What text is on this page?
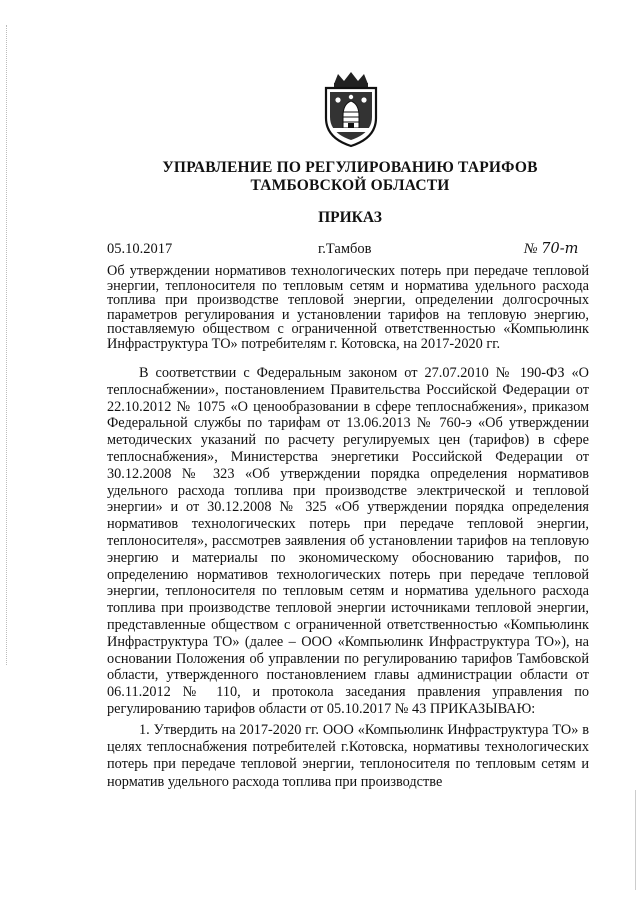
УПРАВЛЕНИЕ ПО РЕГУЛИРОВАНИЮ ТАРИФОВ

ТАМБОВСКОЙ ОБЛАСТИ

ПРИКАЗ

05.10.2017	г.Тамбов	№ 70-т

Об утверждении нормативов технологических потерь при передаче тепловой энергии, теплоносителя по тепловым сетям и норматива удельного расхода топлива при производстве тепловой энергии, определении долгосрочных параметров регулирования и установлении тарифов на тепловую энергию, поставляемую обществом с ограниченной ответственностью «Компьюлинк Инфраструктура ТО» потребителям г. Котовска, на 2017-2020 гг.

В соответствии с Федеральным законом от 27.07.2010 № 190-ФЗ «О теплоснабжении», постановлением Правительства Российской Федерации от 22.10.2012 № 1075 «О ценообразовании в сфере теплоснабжения», приказом Федеральной службы по тарифам от 13.06.2013 № 760-э «Об утверждении методических указаний по расчету регулируемых цен (тарифов) в сфере теплоснабжения», Министерства энергетики Российской Федерации от 30.12.2008 № 323 «Об утверждении порядка определения нормативов удельного расхода топлива при производстве электрической и тепловой энергии» и от 30.12.2008 № 325 «Об утверждении порядка определения нормативов технологических потерь при передаче тепловой энергии, теплоносителя», рассмотрев заявления об установлении тарифов на тепловую энергию и материалы по экономическому обоснованию тарифов, по определению нормативов технологических потерь при передаче тепловой энергии, теплоносителя по тепловым сетям и норматива удельного расхода топлива при производстве тепловой энергии источниками тепловой энергии, представленные обществом с ограниченной ответственностью «Компьюлинк Инфраструктура ТО» (далее – ООО «Компьюлинк Инфраструктура ТО»), на основании Положения об управлении по регулированию тарифов Тамбовской области, утвержденного постановлением главы администрации области от 06.11.2012 № 110, и протокола заседания правления управления по регулированию тарифов области от 05.10.2017 № 43 ПРИКАЗЫВАЮ:

1. Утвердить на 2017-2020 гг. ООО «Компьюлинк Инфраструктура ТО» в целях теплоснабжения потребителей г.Котовска, нормативы технологических потерь при передаче тепловой энергии, теплоносителя по тепловым сетям и норматив удельного расхода топлива при производстве
